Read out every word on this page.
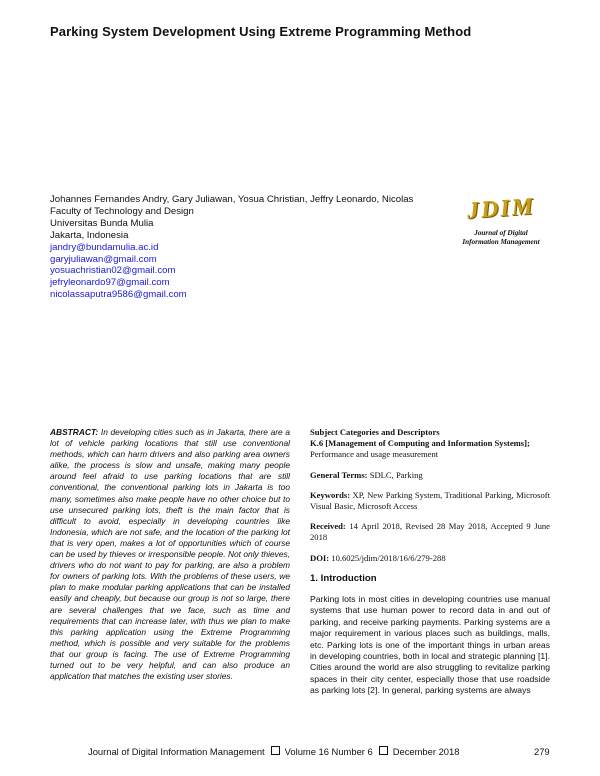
Parking System Development Using Extreme Programming Method
Johannes Fernandes Andry, Gary Juliawan, Yosua Christian, Jeffry Leonardo, Nicolas
Faculty of Technology and Design
Universitas Bunda Mulia
Jakarta, Indonesia
jandry@bundamulia.ac.id
garyjuliawan@gmail.com
yosuachristian02@gmail.com
jefryleonardo97@gmail.com
nicolassaputra9586@gmail.com
JDIM
Journal of Digital
Information Management
ABSTRACT: In developing cities such as in Jakarta, there are a lot of vehicle parking locations that still use conventional methods, which can harm drivers and also parking area owners alike, the process is slow and unsafe, making many people around feel afraid to use parking locations that are still conventional, the conventional parking lots in Jakarta is too many, sometimes also make people have no other choice but to use unsecured parking lots, theft is the main factor that is difficult to avoid, especially in developing countries like Indonesia, which are not safe, and the location of the parking lot that is very open, makes a lot of opportunities which of course can be used by thieves or irresponsible people. Not only thieves, drivers who do not want to pay for parking, are also a problem for owners of parking lots. With the problems of these users, we plan to make modular parking applications that can be installed easily and cheaply, but because our group is not so large, there are several challenges that we face, such as time and requirements that can increase later, with thus we plan to make this parking application using the Extreme Programming method, which is possible and very suitable for the problems that our group is facing. The use of Extreme Programming turned out to be very helpful, and can also produce an application that matches the existing user stories.
Subject Categories and Descriptors
K.6 [Management of Computing and Information Systems];
Performance and usage measurement
General Terms: SDLC, Parking
Keywords: XP, New Parking System, Traditional Parking, Microsoft Visual Basic, Microsoft Access
Received: 14 April 2018, Revised 28 May 2018, Accepted 9 June 2018
DOI: 10.6025/jdim/2018/16/6/279-288
1. Introduction
Parking lots in most cities in developing countries use manual systems that use human power to record data in and out of parking, and receive parking payments. Parking systems are a major requirement in various places such as buildings, malls, etc. Parking lots is one of the important things in urban areas in developing countries, both in local and strategic planning [1]. Cities around the world are also struggling to revitalize parking spaces in their city center, especially those that use roadside as parking lots [2]. In general, parking systems are always
Journal of Digital Information Management Volume 16 Number 6 December 2018	279
